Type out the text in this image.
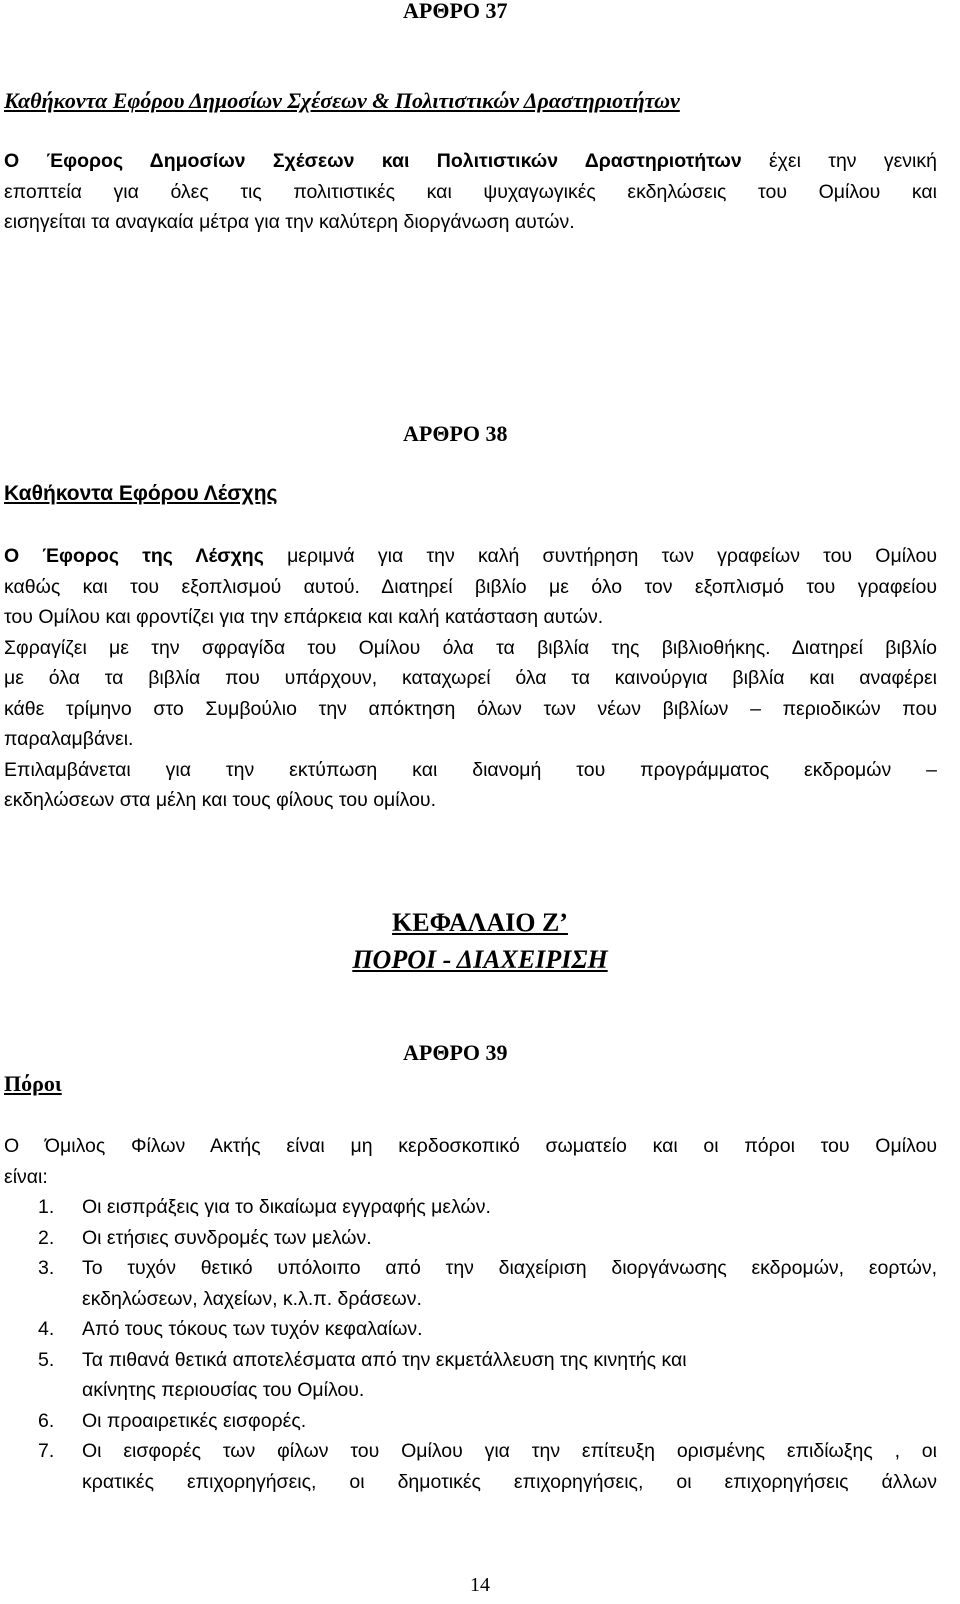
ΑΡΘΡΟ 37
Καθήκοντα Εφόρου Δημοσίων Σχέσεων & Πολιτιστικών Δραστηριοτήτων
Ο Έφορος Δημοσίων Σχέσεων και Πολιτιστικών Δραστηριοτήτων έχει την γενική
εποπτεία για όλες τις πολιτιστικές και ψυχαγωγικές εκδηλώσεις του Ομίλου και
εισηγείται τα αναγκαία μέτρα για την καλύτερη διοργάνωση αυτών.
ΑΡΘΡΟ 38
Καθήκοντα Εφόρου Λέσχης
Ο Έφορος της Λέσχης μεριμνά για την καλή συντήρηση των γραφείων του Ομίλου
καθώς και του εξοπλισμού αυτού. Διατηρεί βιβλίο με όλο τον εξοπλισμό του γραφείου
του Ομίλου και φροντίζει για την επάρκεια και καλή κατάσταση αυτών.
Σφραγίζει με την σφραγίδα του Ομίλου όλα τα βιβλία της βιβλιοθήκης. Διατηρεί βιβλίο
με όλα τα βιβλία που υπάρχουν, καταχωρεί όλα τα καινούργια βιβλία και αναφέρει
κάθε τρίμηνο στο Συμβούλιο την απόκτηση όλων των νέων βιβλίων – περιοδικών που
παραλαμβάνει.
Επιλαμβάνεται για την εκτύπωση και διανομή του προγράμματος εκδρομών –
εκδηλώσεων στα μέλη και τους φίλους του ομίλου.
ΚΕΦΑΛΑΙΟ Ζ’
ΠΟΡΟΙ - ΔΙΑΧΕΙΡΙΣΗ
ΑΡΘΡΟ 39
Πόροι
Ο Όμιλος Φίλων Ακτής είναι μη κερδοσκοπικό σωματείο και οι πόροι του Ομίλου
είναι:
1. Οι εισπράξεις για το δικαίωμα εγγραφής μελών.
2. Οι ετήσιες συνδρομές των μελών.
3. Το τυχόν θετικό υπόλοιπο από την διαχείριση διοργάνωσης εκδρομών, εορτών,
εκδηλώσεων, λαχείων, κ.λ.π. δράσεων.
4. Από τους τόκους των τυχόν κεφαλαίων.
5. Τα πιθανά θετικά αποτελέσματα από την εκμετάλλευση της κινητής και
ακίνητης περιουσίας του Ομίλου.
6. Οι προαιρετικές εισφορές.
7. Οι εισφορές των φίλων του Ομίλου για την επίτευξη ορισμένης επιδίωξης , οι
κρατικές επιχορηγήσεις, οι δημοτικές επιχορηγήσεις, οι επιχορηγήσεις άλλων
14
